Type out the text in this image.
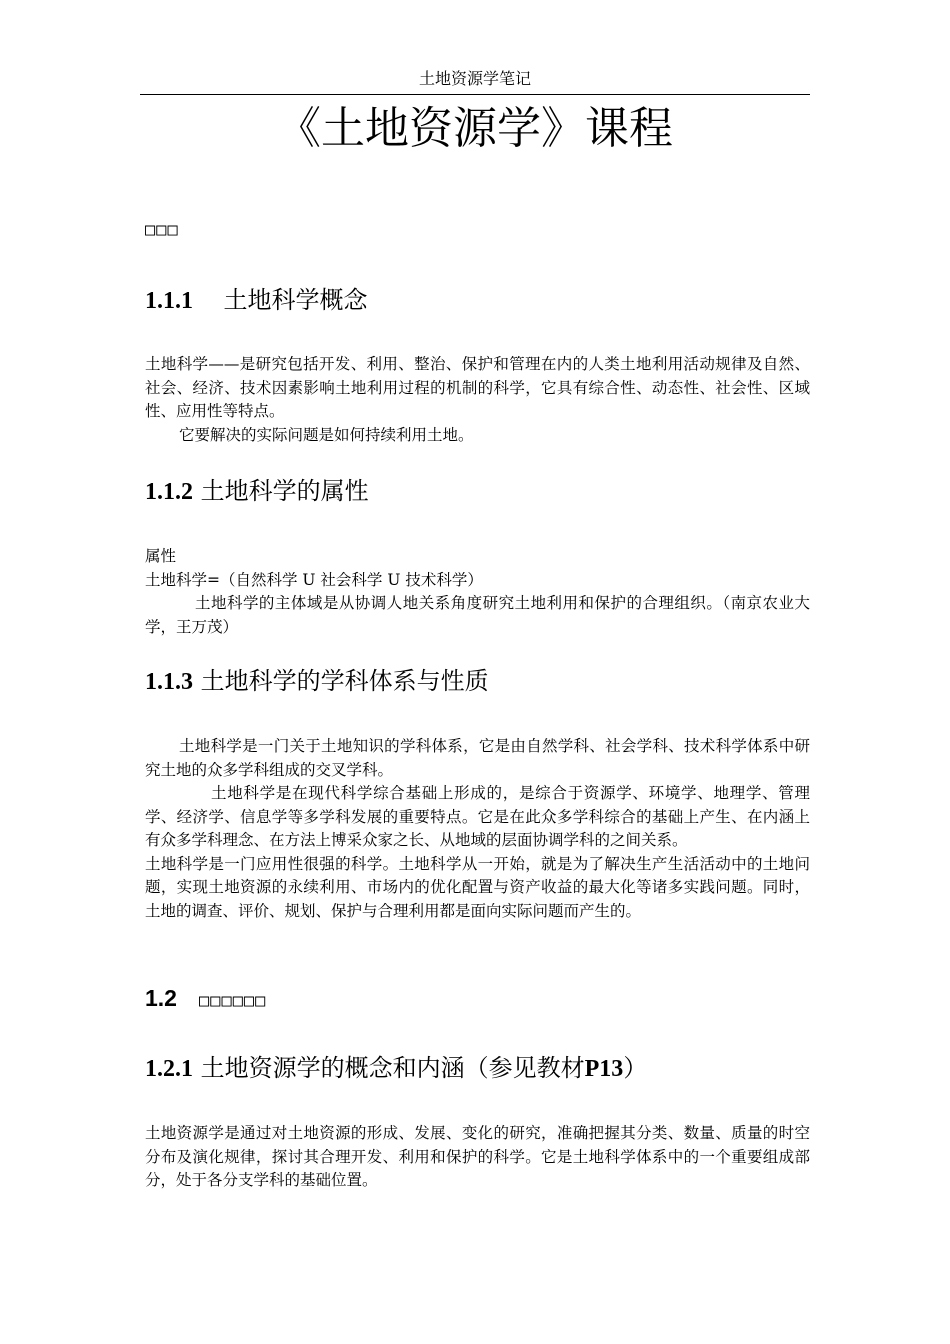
土地资源学笔记
《土地资源学》课程
□□□
1.1.1 土地科学概念

土地科学——是研究包括开发、利用、整治、保护和管理在内的人类土地利用活动规律及自然、社会、经济、技术因素影响土地利用过程的机制的科学，它具有综合性、动态性、社会性、区域性、应用性等特点。

它要解决的实际问题是如何持续利用土地。

1.1.2 土地科学的属性

属性

土地科学=（自然科学 U 社会科学 U 技术科学）

土地科学的主体域是从协调人地关系角度研究土地利用和保护的合理组织。（南京农业大学，王万茂）

1.1.3 土地科学的学科体系与性质

土地科学是一门关于土地知识的学科体系，它是由自然学科、社会学科、技术科学体系中研究土地的众多学科组成的交叉学科。

土地科学是在现代科学综合基础上形成的，是综合于资源学、环境学、地理学、管理学、经济学、信息学等多学科发展的重要特点。它是在此众多学科综合的基础上产生、在内涵上有众多学科理念、在方法上博采众家之长、从地域的层面协调学科的之间关系。

土地科学是一门应用性很强的科学。土地科学从一开始，就是为了解决生产生活活动中的土地问题，实现土地资源的永续利用、市场内的优化配置与资产收益的最大化等诸多实践问题。同时，土地的调查、评价、规划、保护与合理利用都是面向实际问题而产生的。

1.2 □□□□□□
1.2.1 土地资源学的概念和内涵（参见教材P13）

土地资源学是通过对土地资源的形成、发展、变化的研究，准确把握其分类、数量、质量的时空分布及演化规律，探讨其合理开发、利用和保护的科学。它是土地科学体系中的一个重要组成部分，处于各分支学科的基础位置。
